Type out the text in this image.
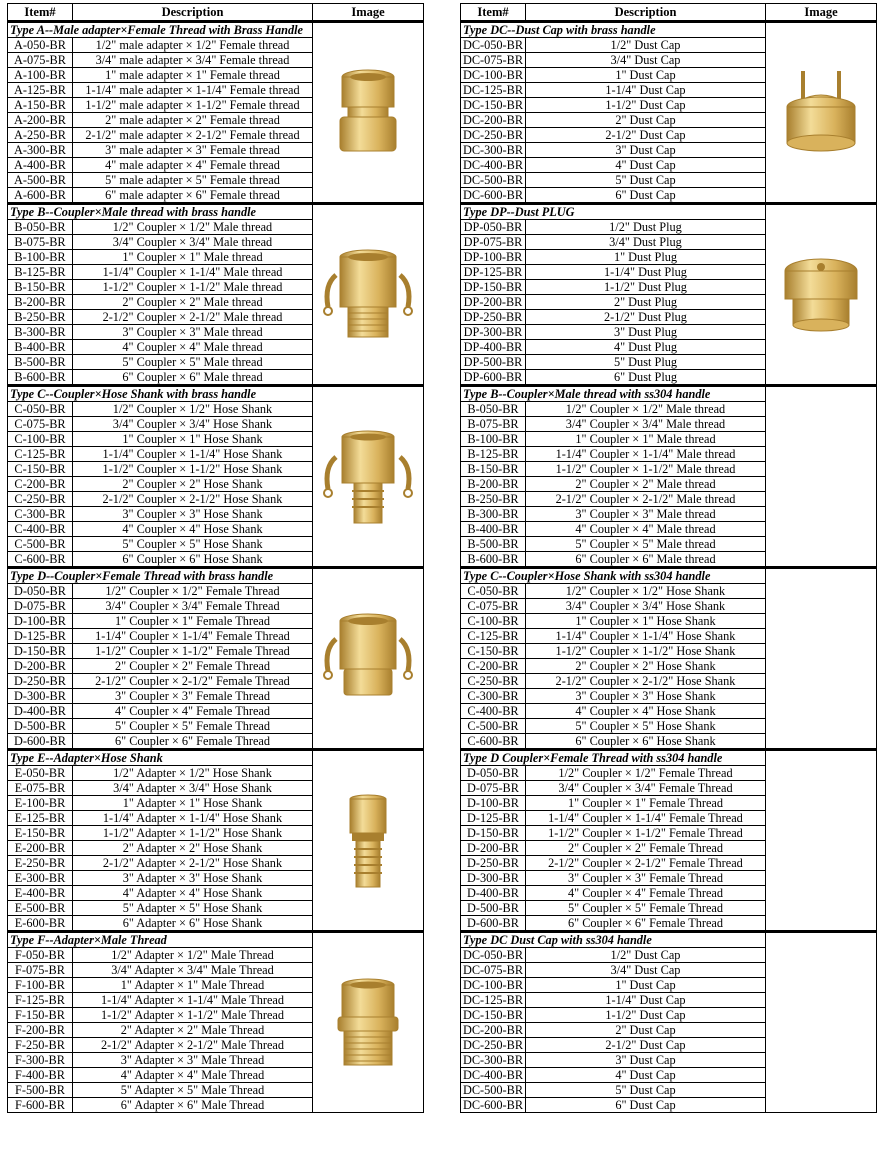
Item#	Description	Image
Type A--Male adapter×Female Thread with Brass Handle	

A-050-BR	1/2" male adapter × 1/2" Female thread	
A-075-BR	3/4" male adapter × 3/4" Female thread	
A-100-BR	1" male adapter × 1" Female thread	
A-125-BR	1-1/4" male adapter × 1-1/4" Female thread	
A-150-BR	1-1/2" male adapter × 1-1/2" Female thread	
A-200-BR	2" male adapter × 2" Female thread	
A-250-BR	2-1/2" male adapter × 2-1/2" Female thread	
A-300-BR	3" male adapter × 3" Female thread	
A-400-BR	4" male adapter × 4" Female thread	
A-500-BR	5" male adapter × 5" Female thread	
A-600-BR	6" male adapter × 6" Female thread	
Type B--Coupler×Male thread with brass handle	

B-050-BR	1/2" Coupler × 1/2" Male thread	
B-075-BR	3/4" Coupler × 3/4" Male thread	
B-100-BR	1" Coupler × 1" Male thread	
B-125-BR	1-1/4" Coupler × 1-1/4" Male thread	
B-150-BR	1-1/2" Coupler × 1-1/2" Male thread	
B-200-BR	2" Coupler × 2" Male thread	
B-250-BR	2-1/2" Coupler × 2-1/2" Male thread	
B-300-BR	3" Coupler × 3" Male thread	
B-400-BR	4" Coupler × 4" Male thread	
B-500-BR	5" Coupler × 5" Male thread	
B-600-BR	6" Coupler × 6" Male thread	
Type C--Coupler×Hose Shank with brass handle	

C-050-BR	1/2" Coupler × 1/2" Hose Shank	
C-075-BR	3/4" Coupler × 3/4" Hose Shank	
C-100-BR	1" Coupler × 1" Hose Shank	
C-125-BR	1-1/4" Coupler × 1-1/4" Hose Shank	
C-150-BR	1-1/2" Coupler × 1-1/2" Hose Shank	
C-200-BR	2" Coupler × 2" Hose Shank	
C-250-BR	2-1/2" Coupler × 2-1/2" Hose Shank	
C-300-BR	3" Coupler × 3" Hose Shank	
C-400-BR	4" Coupler × 4" Hose Shank	
C-500-BR	5" Coupler × 5" Hose Shank	
C-600-BR	6" Coupler × 6" Hose Shank	
Type D--Coupler×Female Thread with brass handle	

D-050-BR	1/2" Coupler × 1/2" Female Thread	
D-075-BR	3/4" Coupler × 3/4" Female Thread	
D-100-BR	1" Coupler × 1" Female Thread	
D-125-BR	1-1/4" Coupler × 1-1/4" Female Thread	
D-150-BR	1-1/2" Coupler × 1-1/2" Female Thread	
D-200-BR	2" Coupler × 2" Female Thread	
D-250-BR	2-1/2" Coupler × 2-1/2" Female Thread	
D-300-BR	3" Coupler × 3" Female Thread	
D-400-BR	4" Coupler × 4" Female Thread	
D-500-BR	5" Coupler × 5" Female Thread	
D-600-BR	6" Coupler × 6" Female Thread	
Type E--Adapter×Hose Shank	

E-050-BR	1/2" Adapter × 1/2" Hose Shank	
E-075-BR	3/4" Adapter × 3/4" Hose Shank	
E-100-BR	1" Adapter × 1" Hose Shank	
E-125-BR	1-1/4" Adapter × 1-1/4" Hose Shank	
E-150-BR	1-1/2" Adapter × 1-1/2" Hose Shank	
E-200-BR	2" Adapter × 2" Hose Shank	
E-250-BR	2-1/2" Adapter × 2-1/2" Hose Shank	
E-300-BR	3" Adapter × 3" Hose Shank	
E-400-BR	4" Adapter × 4" Hose Shank	
E-500-BR	5" Adapter × 5" Hose Shank	
E-600-BR	6" Adapter × 6" Hose Shank	
Type F--Adapter×Male Thread	

F-050-BR	1/2" Adapter × 1/2" Male Thread	
F-075-BR	3/4" Adapter × 3/4" Male Thread	
F-100-BR	1" Adapter × 1" Male Thread	
F-125-BR	1-1/4" Adapter × 1-1/4" Male Thread	
F-150-BR	1-1/2" Adapter × 1-1/2" Male Thread	
F-200-BR	2" Adapter × 2" Male Thread	
F-250-BR	2-1/2" Adapter × 2-1/2" Male Thread	
F-300-BR	3" Adapter × 3" Male Thread	
F-400-BR	4" Adapter × 4" Male Thread	
F-500-BR	5" Adapter × 5" Male Thread	
F-600-BR	6" Adapter × 6" Male Thread	
Item#	Description	Image
Type DC--Dust Cap with brass handle	

DC-050-BR	1/2" Dust Cap	
DC-075-BR	3/4" Dust Cap	
DC-100-BR	1" Dust Cap	
DC-125-BR	1-1/4" Dust Cap	
DC-150-BR	1-1/2" Dust Cap	
DC-200-BR	2" Dust Cap	
DC-250-BR	2-1/2" Dust Cap	
DC-300-BR	3" Dust Cap	
DC-400-BR	4" Dust Cap	
DC-500-BR	5" Dust Cap	
DC-600-BR	6" Dust Cap	
Type DP--Dust PLUG	

DP-050-BR	1/2" Dust Plug	
DP-075-BR	3/4" Dust Plug	
DP-100-BR	1" Dust Plug	
DP-125-BR	1-1/4" Dust Plug	
DP-150-BR	1-1/2" Dust Plug	
DP-200-BR	2" Dust Plug	
DP-250-BR	2-1/2" Dust Plug	
DP-300-BR	3" Dust Plug	
DP-400-BR	4" Dust Plug	
DP-500-BR	5" Dust Plug	
DP-600-BR	6" Dust Plug	
Type B--Coupler×Male thread with ss304 handle		
B-050-BR	1/2" Coupler × 1/2" Male thread	
B-075-BR	3/4" Coupler × 3/4" Male thread	
B-100-BR	1" Coupler × 1" Male thread	
B-125-BR	1-1/4" Coupler × 1-1/4" Male thread	
B-150-BR	1-1/2" Coupler × 1-1/2" Male thread	
B-200-BR	2" Coupler × 2" Male thread	
B-250-BR	2-1/2" Coupler × 2-1/2" Male thread	
B-300-BR	3" Coupler × 3" Male thread	
B-400-BR	4" Coupler × 4" Male thread	
B-500-BR	5" Coupler × 5" Male thread	
B-600-BR	6" Coupler × 6" Male thread	
Type C--Coupler×Hose Shank with ss304 handle		
C-050-BR	1/2" Coupler × 1/2" Hose Shank	
C-075-BR	3/4" Coupler × 3/4" Hose Shank	
C-100-BR	1" Coupler × 1" Hose Shank	
C-125-BR	1-1/4" Coupler × 1-1/4" Hose Shank	
C-150-BR	1-1/2" Coupler × 1-1/2" Hose Shank	
C-200-BR	2" Coupler × 2" Hose Shank	
C-250-BR	2-1/2" Coupler × 2-1/2" Hose Shank	
C-300-BR	3" Coupler × 3" Hose Shank	
C-400-BR	4" Coupler × 4" Hose Shank	
C-500-BR	5" Coupler × 5" Hose Shank	
C-600-BR	6" Coupler × 6" Hose Shank	
Type D Coupler×Female Thread with ss304 handle		
D-050-BR	1/2" Coupler × 1/2" Female Thread	
D-075-BR	3/4" Coupler × 3/4" Female Thread	
D-100-BR	1" Coupler × 1" Female Thread	
D-125-BR	1-1/4" Coupler × 1-1/4" Female Thread	
D-150-BR	1-1/2" Coupler × 1-1/2" Female Thread	
D-200-BR	2" Coupler × 2" Female Thread	
D-250-BR	2-1/2" Coupler × 2-1/2" Female Thread	
D-300-BR	3" Coupler × 3" Female Thread	
D-400-BR	4" Coupler × 4" Female Thread	
D-500-BR	5" Coupler × 5" Female Thread	
D-600-BR	6" Coupler × 6" Female Thread	
Type DC Dust Cap with ss304 handle		
DC-050-BR	1/2" Dust Cap	
DC-075-BR	3/4" Dust Cap	
DC-100-BR	1" Dust Cap	
DC-125-BR	1-1/4" Dust Cap	
DC-150-BR	1-1/2" Dust Cap	
DC-200-BR	2" Dust Cap	
DC-250-BR	2-1/2" Dust Cap	
DC-300-BR	3" Dust Cap	
DC-400-BR	4" Dust Cap	
DC-500-BR	5" Dust Cap	
DC-600-BR	6" Dust Cap	
